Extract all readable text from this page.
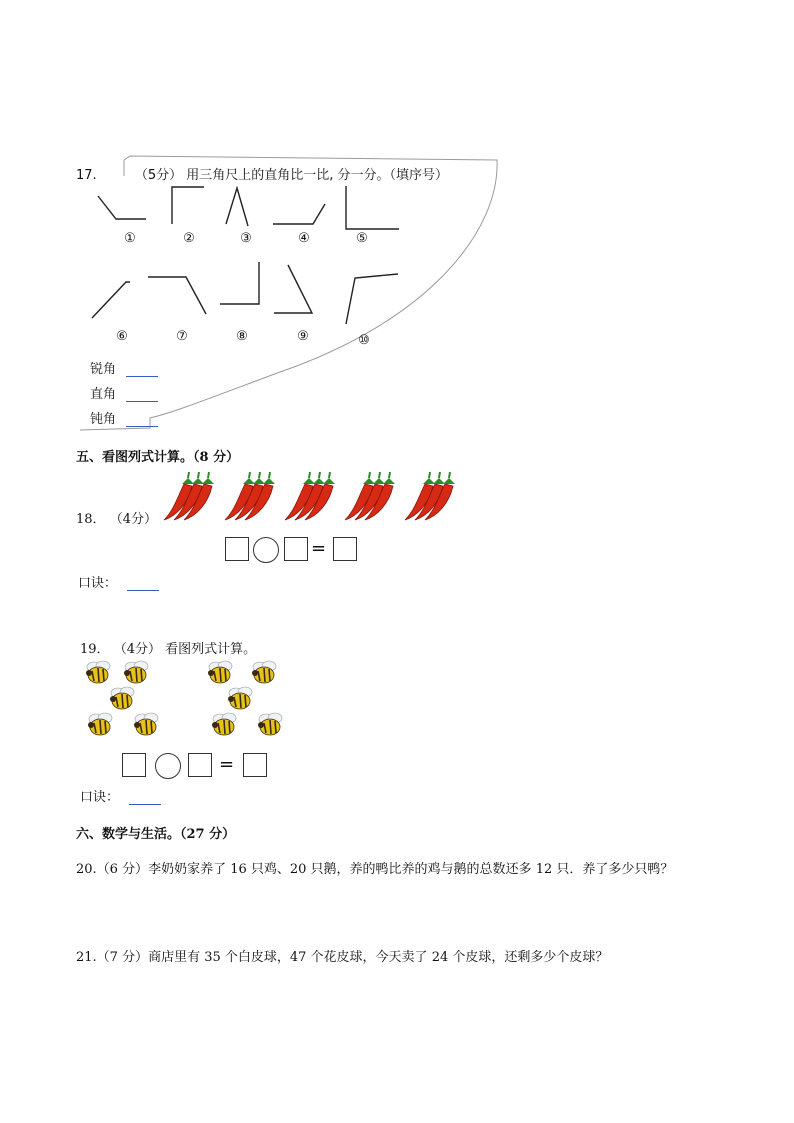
17.	（5分） 用三角尺上的直角比一比, 分一分。（填序号）
①	②	③	④	⑤
⑥	⑦	⑧	⑨	⑩
锐角
直角
钝角
五、看图列式计算。（8 分）
18． （4分）
=
口诀：
19． （4分） 看图列式计算。
=
口诀：
六、数学与生活。（27 分）
20.（6 分）李奶奶家养了 16 只鸡、20 只鹅，养的鸭比养的鸡与鹅的总数还多 12 只．养了多少只鸭？
21.（7 分）商店里有 35 个白皮球，47 个花皮球，今天卖了 24 个皮球，还剩多少个皮球？
